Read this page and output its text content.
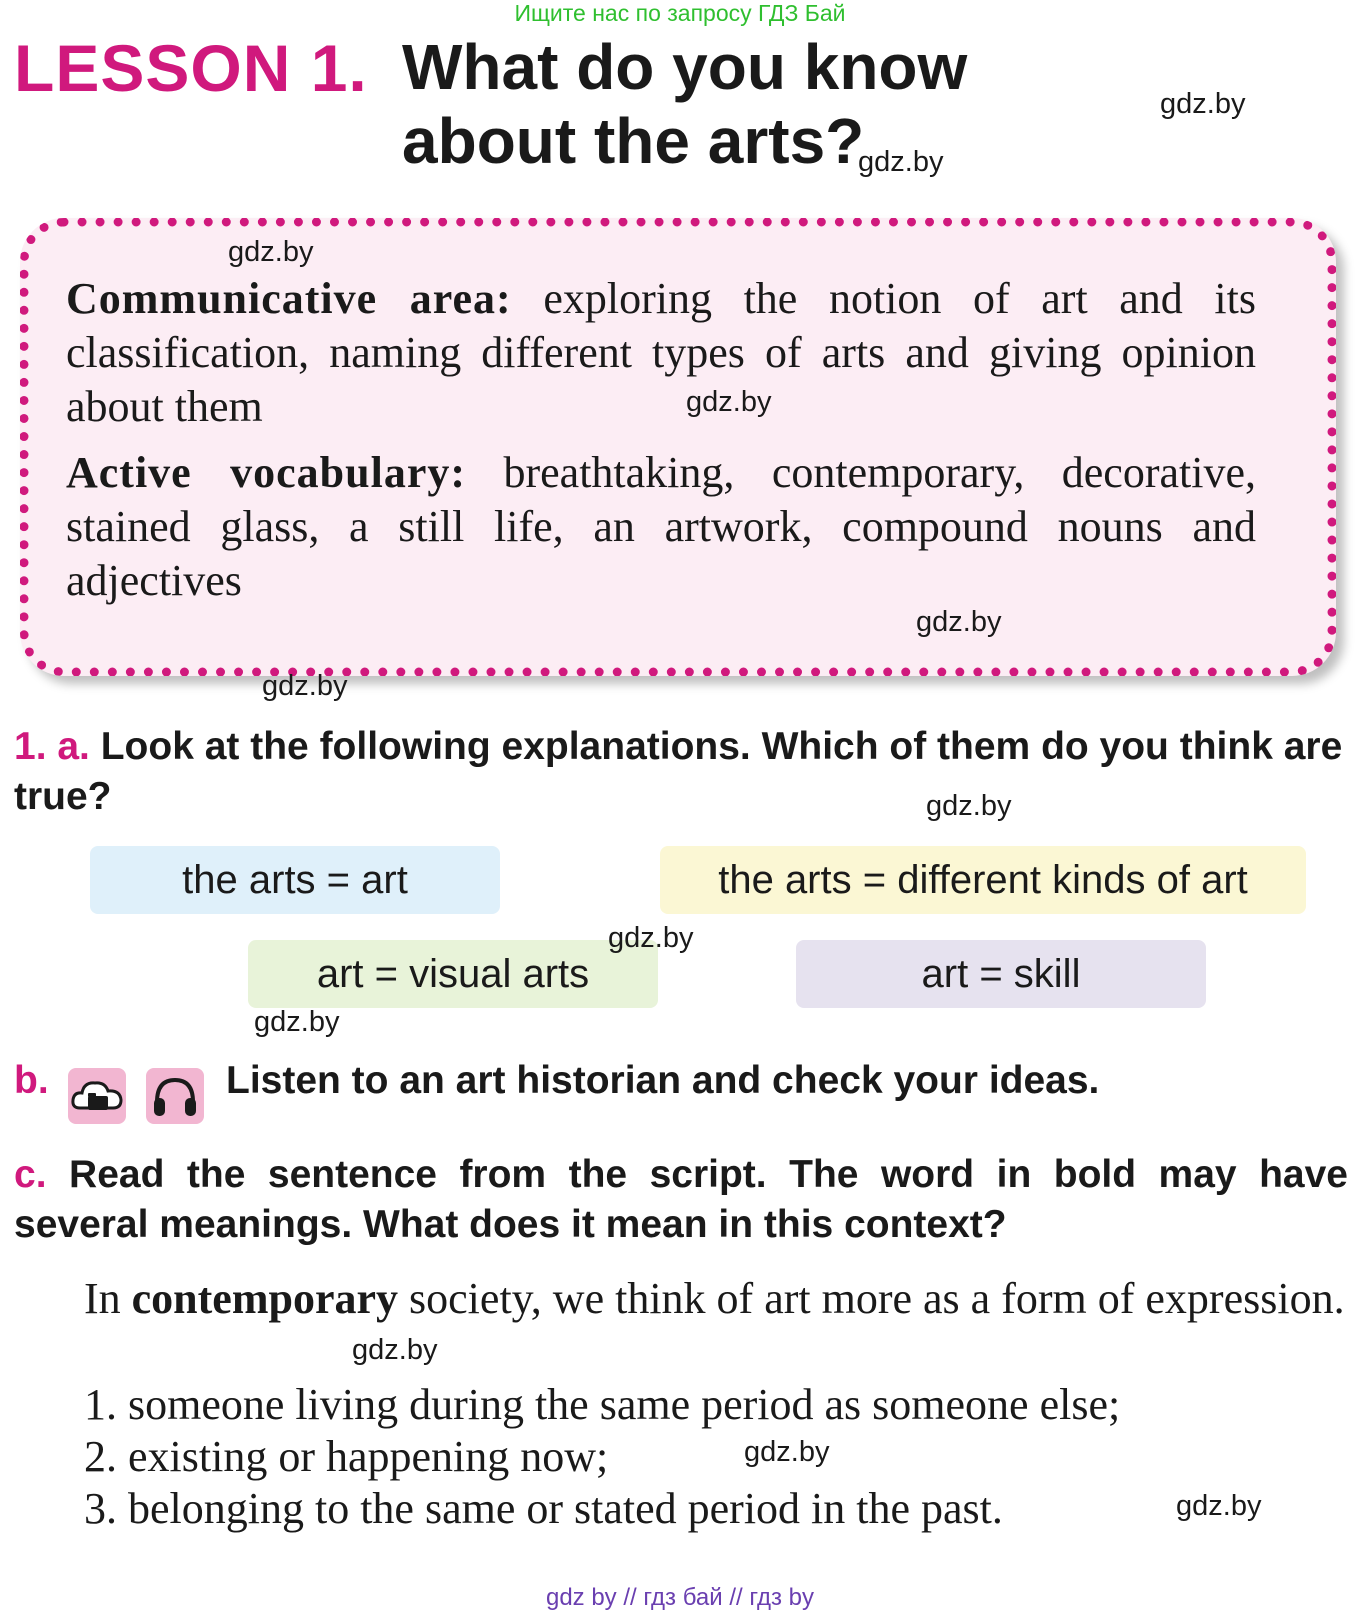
Ищите нас по запросу ГДЗ Бай
LESSON 1. What do you know
about the arts?
gdz.by
gdz.by
gdz.by
Communicative area: exploring the notion of art and its classification, naming different types of arts and giving opinion about them	gdz.by
Active vocabulary: breathtaking, contemporary, decorative, stained glass, a still life, an artwork, compound nouns and adjectives
gdz.by
gdz.by
1. a. Look at the following explanations. Which of them do you think are true?	gdz.by
the arts = art	the arts = different kinds of art
art = visual arts	art = skill
gdz.by
gdz.by
b.	Listen to an art historian and check your ideas.
c. Read the sentence from the script. The word in bold may have several meanings. What does it mean in this context?
In contemporary society, we think of art more as a form of expression.
gdz.by
1. someone living during the same period as someone else;
2. existing or happening now;	gdz.by
3. belonging to the same or stated period in the past.	gdz.by
gdz by // гдз бай // гдз by
